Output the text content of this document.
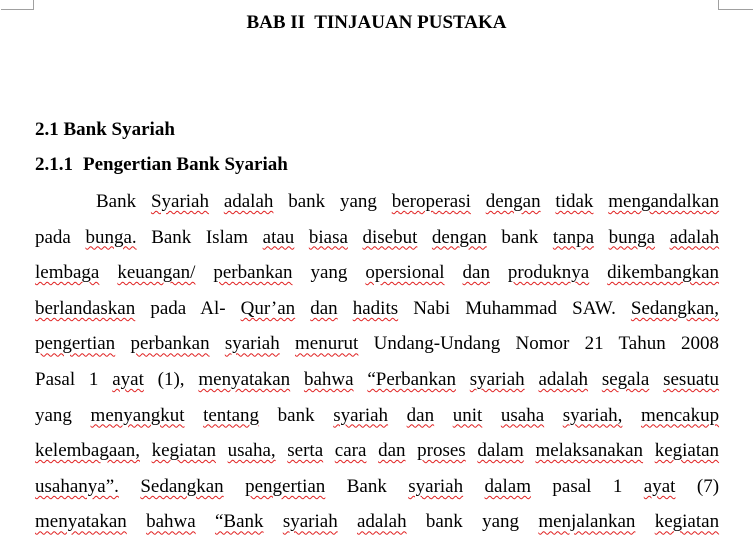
BAB II  TINJAUAN PUSTAKA
2.1 Bank Syariah
2.1.1 Pengertian Bank Syariah
Bank Syariah adalah bank yang beroperasi dengan tidak mengandalkan
pada bunga. Bank Islam atau biasa disebut dengan bank tanpa bunga adalah
lembaga keuangan/ perbankan yang opersional dan produknya dikembangkan
berlandaskan pada Al- Qur’an dan hadits Nabi Muhammad SAW. Sedangkan,
pengertian perbankan syariah menurut Undang-Undang Nomor 21 Tahun 2008
Pasal 1 ayat (1), menyatakan bahwa “Perbankan syariah adalah segala sesuatu
yang menyangkut tentang bank syariah dan unit usaha syariah, mencakup
kelembagaan, kegiatan usaha, serta cara dan proses dalam melaksanakan kegiatan
usahanya”. Sedangkan pengertian Bank syariah dalam pasal 1 ayat (7)
menyatakan bahwa “Bank syariah adalah bank yang menjalankan kegiatan
